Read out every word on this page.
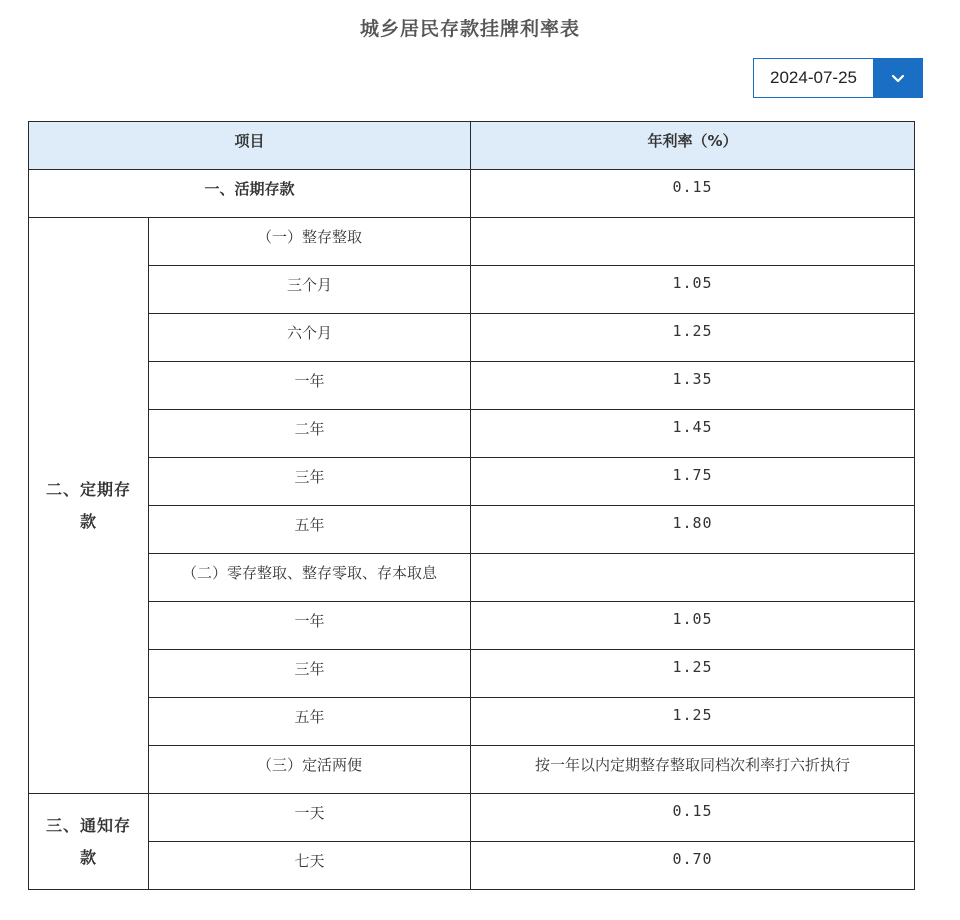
城乡居民存款挂牌利率表
2024-07-25
项目		年利率（%）
一、活期存款		0.15
二、定期存款	（一）整存整取	
	三个月	1.05
	六个月	1.25
	一年	1.35
	二年	1.45
	三年	1.75
	五年	1.80
	（二）零存整取、整存零取、存本取息	
	一年	1.05
	三年	1.25
	五年	1.25
	（三）定活两便	按一年以内定期整存整取同档次利率打六折执行
三、通知存款	一天	0.15
	七天	0.70
